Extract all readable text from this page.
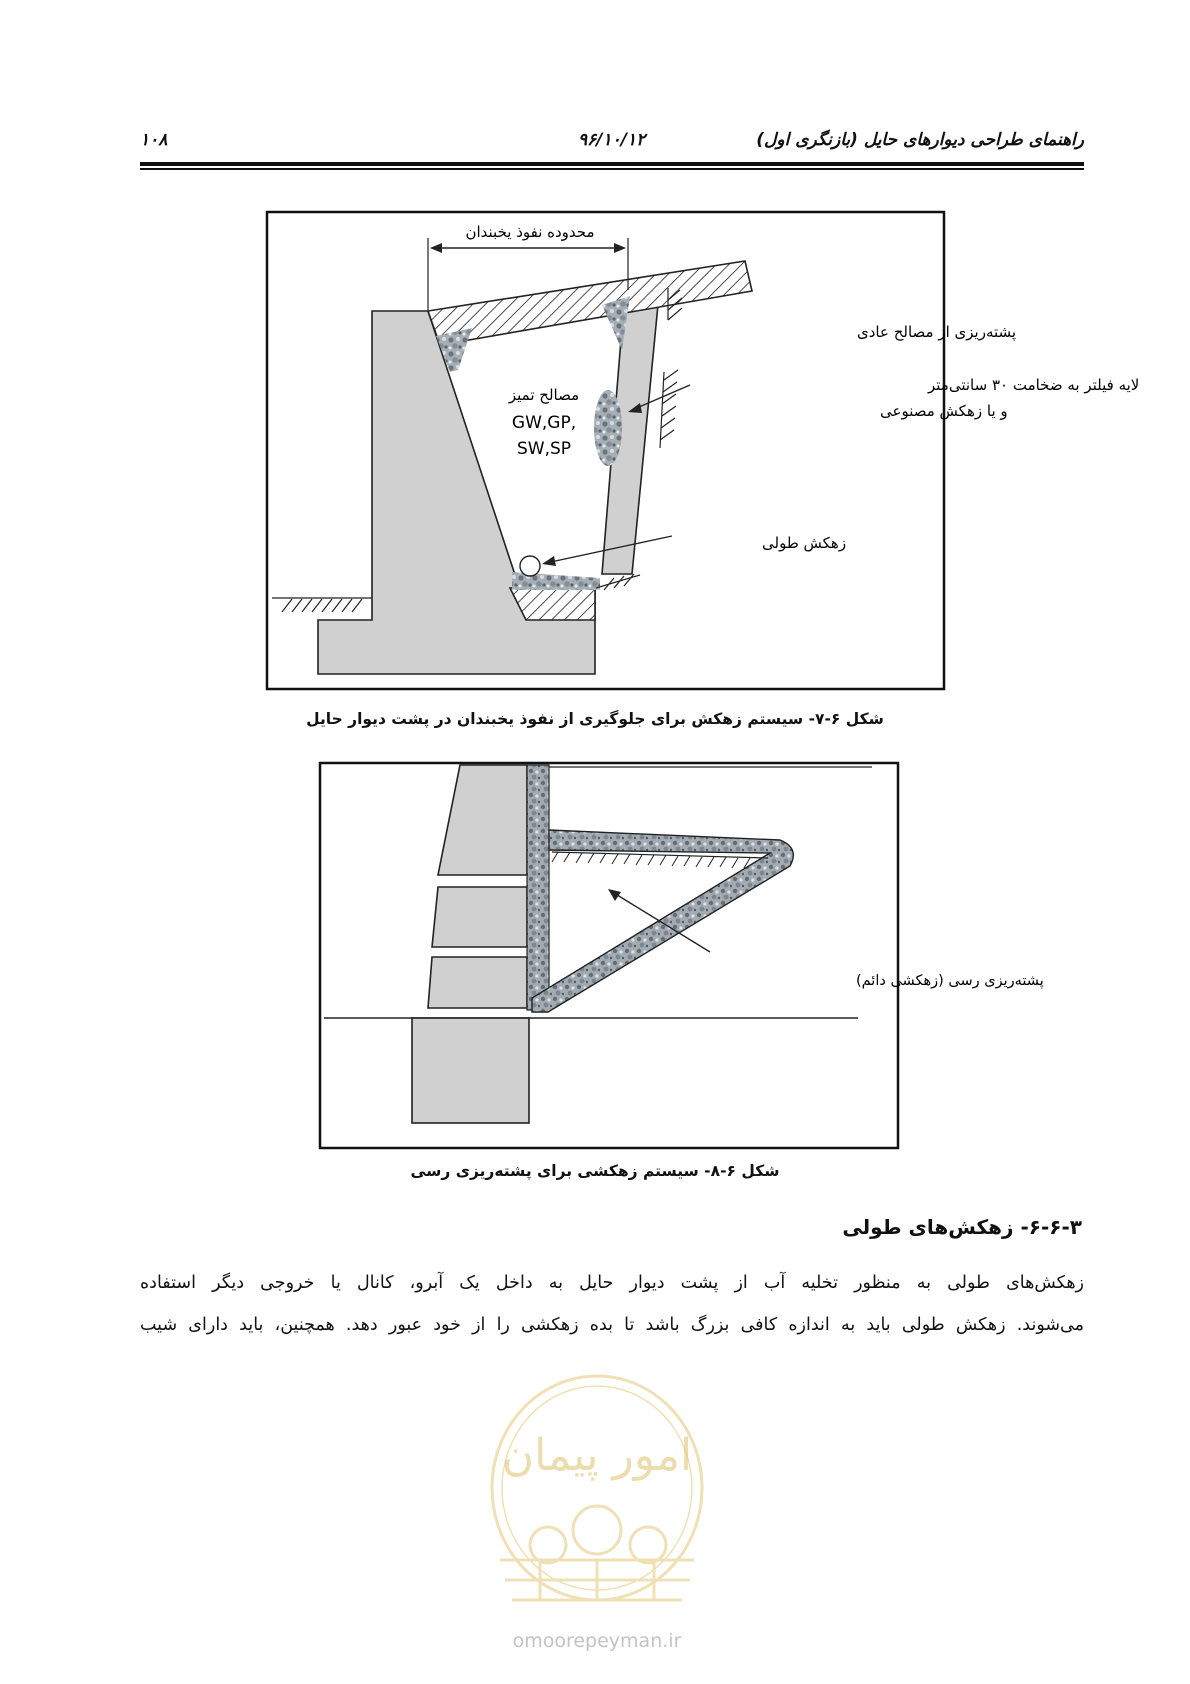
راهنمای طراحی دیوارهای حایل (بازنگری اول)
۹۶/۱۰/۱۲
۱۰۸
محدوده نفوذ یخبندان
پشته‌ریزی از مصالح عادی
لایه فیلتر به ضخامت ۳۰ سانتی‌متر
و یا زهکش مصنوعی
مصالح تمیز
GW,GP,
SW,SP
زهکش طولی
شکل ۶-۷- سیستم زهکش برای جلوگیری از نفوذ یخبندان در پشت دیوار حایل
پشته‌ریزی رسی (زهکشی دائم)
شکل ۶-۸- سیستم زهکشی برای پشته‌ریزی رسی
۶-۶-۳- زهکش‌های طولی

زهکش‌های طولی به منظور تخلیه آب از پشت دیوار حایل به داخل یک آبرو، کانال یا خروجی دیگر استفاده

می‌شوند. زهکش طولی باید به اندازه کافی بزرگ باشد تا بده زهکشی را از خود عبور دهد. همچنین، باید دارای شیب

امور پیمان
omoorepeyman.ir
